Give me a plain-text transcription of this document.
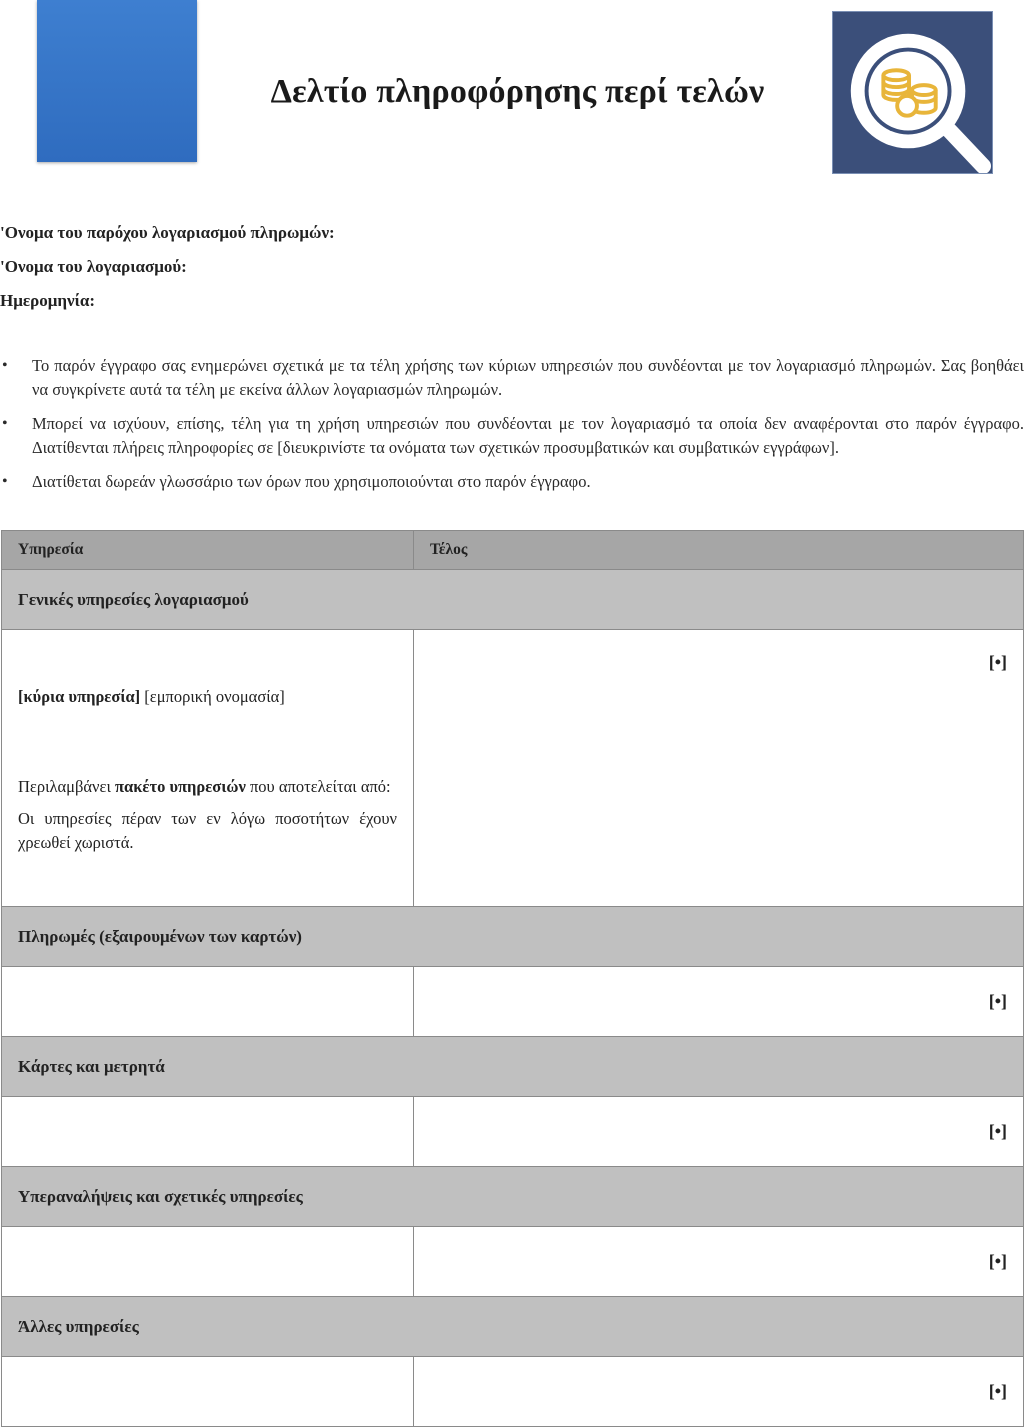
Δελτίο πληροφόρησης περί τελών
'Ονομα του παρόχου λογαριασμού πληρωμών:
'Ονομα του λογαριασμού:
Ημερομηνία:
• Το παρόν έγγραφο σας ενημερώνει σχετικά με τα τέλη χρήσης των κύριων υπηρεσιών που συνδέονται με τον λογαριασμό πληρωμών. Σας βοηθάει να συγκρίνετε αυτά τα τέλη με εκείνα άλλων λογαριασμών πληρωμών.
• Μπορεί να ισχύουν, επίσης, τέλη για τη χρήση υπηρεσιών που συνδέονται με τον λογαριασμό τα οποία δεν αναφέρονται στο παρόν έγγραφο. Διατίθενται πλήρεις πληροφορίες σε [διευκρινίστε τα ονόματα των σχετικών προσυμβατικών και συμβατικών εγγράφων].
• Διατίθεται δωρεάν γλωσσάριο των όρων που χρησιμοποιούνται στο παρόν έγγραφο.
Υπηρεσία	Τέλος
Γενικές υπηρεσίες λογαριασμού	

[κύρια υπηρεσία] [εμπορική ονομασία]

Περιλαμβάνει πακέτο υπηρεσιών που αποτελείται από:

Οι υπηρεσίες πέραν των εν λόγω ποσοτήτων έχουν χρεωθεί χωριστά.	[•]
Πληρωμές (εξαιρουμένων των καρτών)	
	[•]
Κάρτες και μετρητά	
	[•]
Υπεραναλήψεις και σχετικές υπηρεσίες	
	[•]
Άλλες υπηρεσίες	
	[•]
